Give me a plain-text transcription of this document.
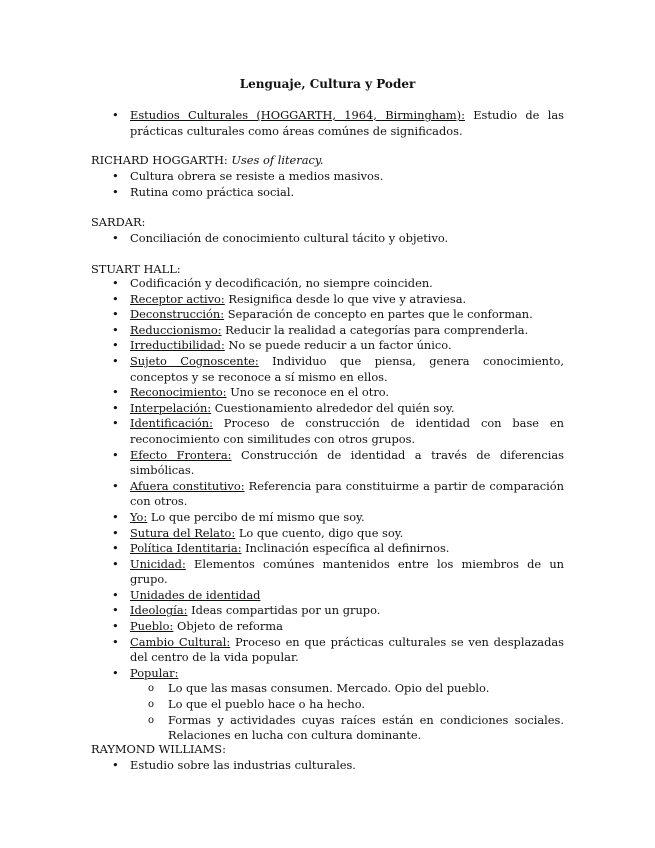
Lenguaje, Cultura y Poder
• Estudios Culturales (HOGGARTH, 1964, Birmingham): Estudio de las prácticas culturales como áreas comúnes de significados.
RICHARD HOGGARTH: Uses of literacy.
• Cultura obrera se resiste a medios masivos.
• Rutina como práctica social.
SARDAR:
• Conciliación de conocimiento cultural tácito y objetivo.
STUART HALL:
• Codificación y decodificación, no siempre coinciden.
• Receptor activo: Resignifica desde lo que vive y atraviesa.
• Deconstrucción: Separación de concepto en partes que le conforman.
• Reduccionismo: Reducir la realidad a categorías para comprenderla.
• Irreductibilidad: No se puede reducir a un factor único.
• Sujeto Cognoscente: Individuo que piensa, genera conocimiento, conceptos y se reconoce a sí mismo en ellos.
• Reconocimiento: Uno se reconoce en el otro.
• Interpelación: Cuestionamiento alrededor del quién soy.
• Identificación: Proceso de construcción de identidad con base en reconocimiento con similitudes con otros grupos.
• Efecto Frontera: Construcción de identidad a través de diferencias simbólicas.
• Afuera constitutivo: Referencia para constituirme a partir de comparación con otros.
• Yo: Lo que percibo de mí mismo que soy.
• Sutura del Relato: Lo que cuento, digo que soy.
• Política Identitaria: Inclinación específica al definirnos.
• Unicidad: Elementos comúnes mantenidos entre los miembros de un grupo.
• Unidades de identidad
• Ideología: Ideas compartidas por un grupo.
• Pueblo: Objeto de reforma
• Cambio Cultural: Proceso en que prácticas culturales se ven desplazadas del centro de la vida popular.
• Popular:
o Lo que las masas consumen. Mercado. Opio del pueblo.
o Lo que el pueblo hace o ha hecho.
o Formas y actividades cuyas raíces están en condiciones sociales. Relaciones en lucha con cultura dominante.
RAYMOND WILLIAMS:
• Estudio sobre las industrias culturales.
